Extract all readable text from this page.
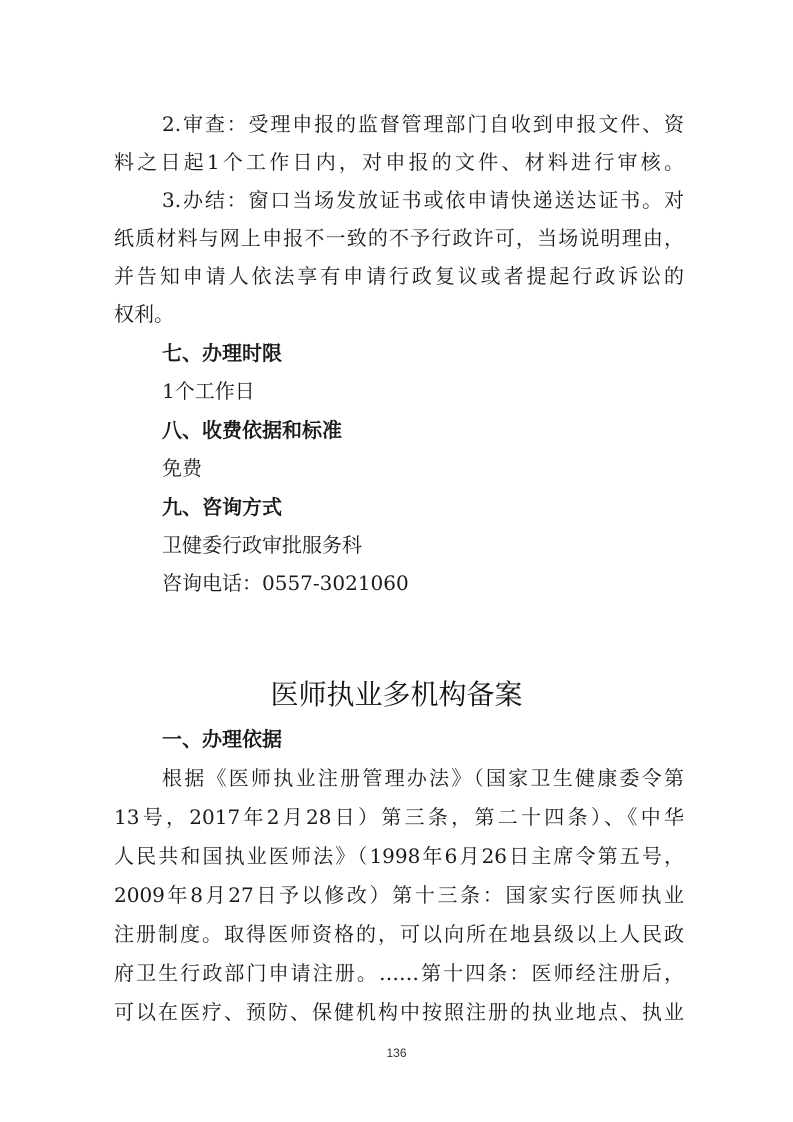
2.审查：受理申报的监督管理部门自收到申报文件、资
料之日起1个工作日内，对申报的文件、材料进行审核。
3.办结：窗口当场发放证书或依申请快递送达证书。对
纸质材料与网上申报不一致的不予行政许可，当场说明理由，
并告知申请人依法享有申请行政复议或者提起行政诉讼的
权利。
七、办理时限
1个工作日
八、收费依据和标准
免费
九、咨询方式
卫健委行政审批服务科
咨询电话：0557-3021060
医师执业多机构备案
一、办理依据
根据《医师执业注册管理办法》（国家卫生健康委令第
13号，2017年2月28日）第三条，第二十四条）、《中华
人民共和国执业医师法》（1998年6月26日主席令第五号，
2009年8月27日予以修改）第十三条：国家实行医师执业
注册制度。取得医师资格的，可以向所在地县级以上人民政
府卫生行政部门申请注册。……第十四条：医师经注册后，
可以在医疗、预防、保健机构中按照注册的执业地点、执业
136
